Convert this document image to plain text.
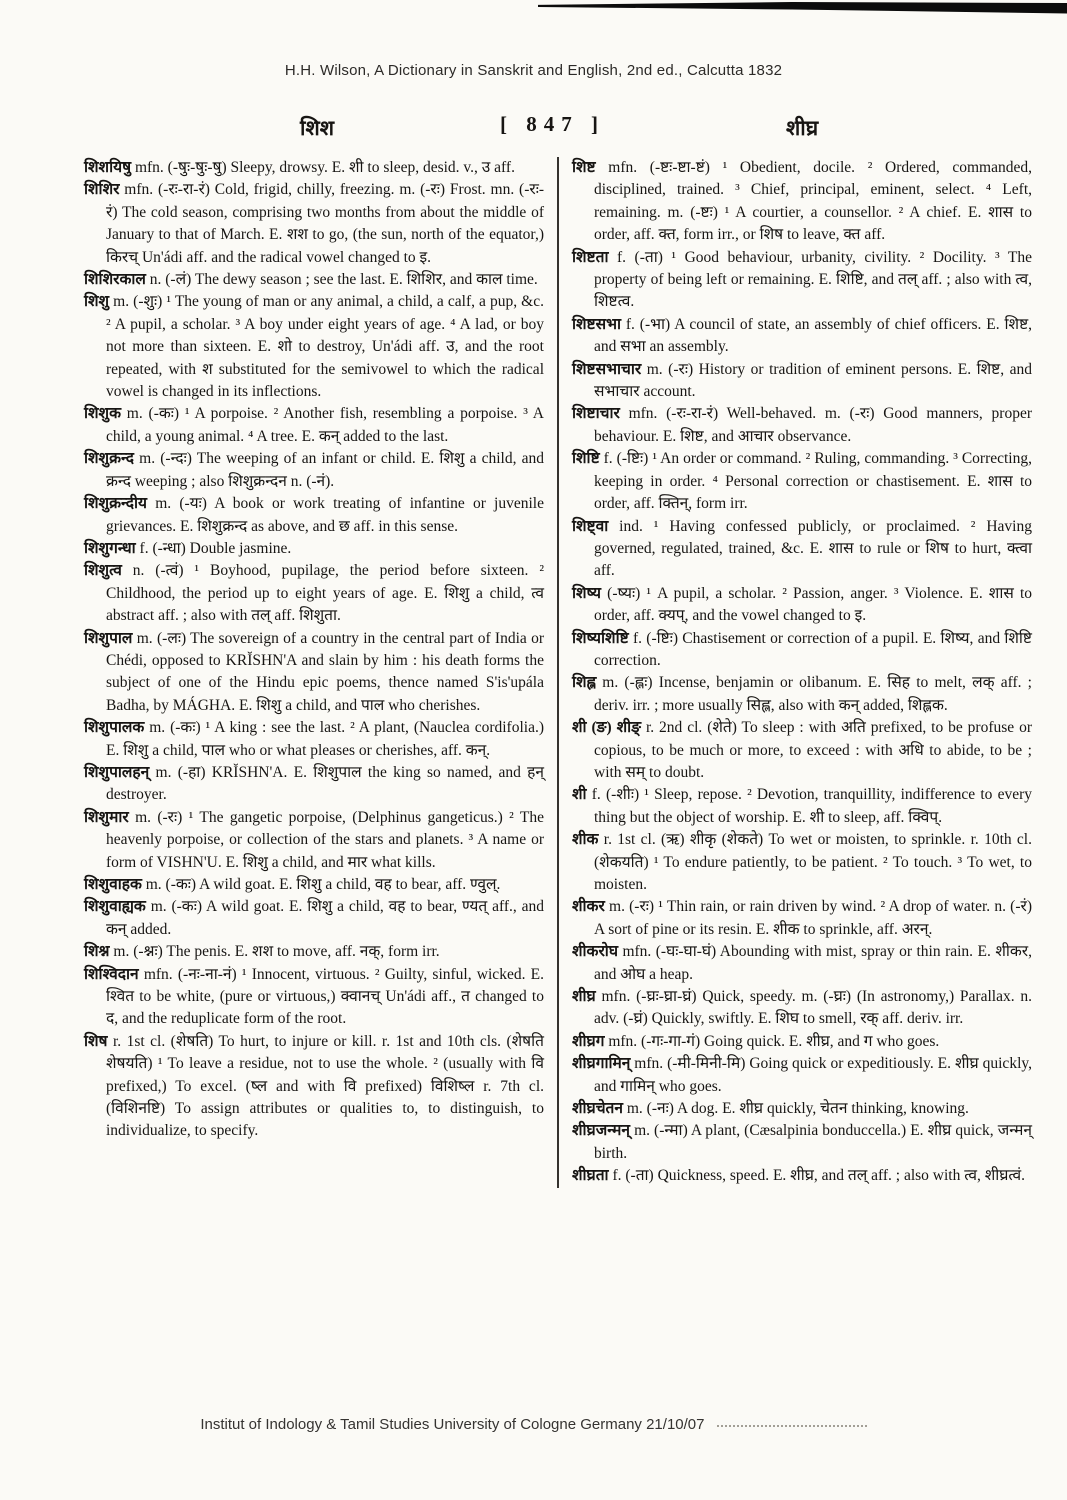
H.H. Wilson, A Dictionary in Sanskrit and English, 2nd ed., Calcutta 1832
शिश	[ 847 ]	शीघ्र

शिशयिषु mfn. (-षुः-षुः-षु) Sleepy, drowsy. E. शी to sleep, desid. v., उ aff.

शिशिर mfn. (-रः-रा-रं) Cold, frigid, chilly, freezing. m. (-रः) Frost. mn. (-रः-रं) The cold season, comprising two months from about the middle of January to that of March. E. शश to go, (the sun, north of the equator,) किरच् Un'ádi aff. and the radical vowel changed to इ.

शिशिरकाल n. (-लं) The dewy season ; see the last. E. शिशिर, and काल time.

शिशु m. (-शुः) ¹ The young of man or any animal, a child, a calf, a pup, &c. ² A pupil, a scholar. ³ A boy under eight years of age. ⁴ A lad, or boy not more than sixteen. E. शो to destroy, Un'ádi aff. उ, and the root repeated, with श substituted for the semivowel to which the radical vowel is changed in its inflections.

शिशुक m. (-कः) ¹ A porpoise. ² Another fish, resembling a porpoise. ³ A child, a young animal. ⁴ A tree. E. कन् added to the last.

शिशुक्रन्द m. (-न्दः) The weeping of an infant or child. E. शिशु a child, and क्रन्द weeping ; also शिशुक्रन्दन n. (-नं).

शिशुक्रन्दीय m. (-यः) A book or work treating of infantine or juvenile grievances. E. शिशुक्रन्द as above, and छ aff. in this sense.

शिशुगन्धा f. (-न्धा) Double jasmine.

शिशुत्व n. (-त्वं) ¹ Boyhood, pupilage, the period before sixteen. ² Childhood, the period up to eight years of age. E. शिशु a child, त्व abstract aff. ; also with तल् aff. शिशुता.

शिशुपाल m. (-लः) The sovereign of a country in the central part of India or Chédi, opposed to KRĬSHN'A and slain by him : his death forms the subject of one of the Hindu epic poems, thence named S'is'upála Badha, by MÁGHA. E. शिशु a child, and पाल who cherishes.

शिशुपालक m. (-कः) ¹ A king : see the last. ² A plant, (Nauclea cordifolia.) E. शिशु a child, पाल who or what pleases or cherishes, aff. कन्.

शिशुपालहन् m. (-हा) KRĬSHN'A. E. शिशुपाल the king so named, and हन् destroyer.

शिशुमार m. (-रः) ¹ The gangetic porpoise, (Delphinus gangeticus.) ² The heavenly porpoise, or collection of the stars and planets. ³ A name or form of VISHN'U. E. शिशु a child, and मार what kills.

शिशुवाहक m. (-कः) A wild goat. E. शिशु a child, वह to bear, aff. ण्वुल्.

शिशुवाह्यक m. (-कः) A wild goat. E. शिशु a child, वह to bear, ण्यत् aff., and कन् added.

शिश्न m. (-श्नः) The penis. E. शश to move, aff. नक्, form irr.

शिश्विदान mfn. (-नः-ना-नं) ¹ Innocent, virtuous. ² Guilty, sinful, wicked. E. श्वित to be white, (pure or virtuous,) क्वानच् Un'ádi aff., त changed to द, and the reduplicate form of the root.

शिष r. 1st cl. (शेषति) To hurt, to injure or kill. r. 1st and 10th cls. (शेषति शेषयति) ¹ To leave a residue, not to use the whole. ² (usually with वि prefixed,) To excel. (ष्ल and with वि prefixed) विशिष्ल r. 7th cl. (विशिनष्टि) To assign attributes or qualities to, to distinguish, to individualize, to specify.

शिष्ट mfn. (-ष्टः-ष्टा-ष्टं) ¹ Obedient, docile. ² Ordered, commanded, disciplined, trained. ³ Chief, principal, eminent, select. ⁴ Left, remaining. m. (-ष्टः) ¹ A courtier, a counsellor. ² A chief. E. शास to order, aff. क्त, form irr., or शिष to leave, क्त aff.

शिष्टता f. (-ता) ¹ Good behaviour, urbanity, civility. ² Docility. ³ The property of being left or remaining. E. शिष्टि, and तल् aff. ; also with त्व, शिष्टत्व.

शिष्टसभा f. (-भा) A council of state, an assembly of chief officers. E. शिष्ट, and सभा an assembly.

शिष्टसभाचार m. (-रः) History or tradition of eminent persons. E. शिष्ट, and सभाचार account.

शिष्टाचार mfn. (-रः-रा-रं) Well-behaved. m. (-रः) Good manners, proper behaviour. E. शिष्ट, and आचार observance.

शिष्टि f. (-ष्टिः) ¹ An order or command. ² Ruling, commanding. ³ Correcting, keeping in order. ⁴ Personal correction or chastisement. E. शास to order, aff. क्तिन्, form irr.

शिष्ट्वा ind. ¹ Having confessed publicly, or proclaimed. ² Having governed, regulated, trained, &c. E. शास to rule or शिष to hurt, क्त्वा aff.

शिष्य (-ष्यः) ¹ A pupil, a scholar. ² Passion, anger. ³ Violence. E. शास to order, aff. क्यप्, and the vowel changed to इ.

शिष्यशिष्टि f. (-ष्टिः) Chastisement or correction of a pupil. E. शिष्य, and शिष्टि correction.

शिह्ल m. (-ह्लः) Incense, benjamin or olibanum. E. सिह to melt, लक् aff. ; deriv. irr. ; more usually सिह्ल, also with कन् added, शिह्लक.

शी (ङ) शीङ् r. 2nd cl. (शेते) To sleep : with अति prefixed, to be profuse or copious, to be much or more, to exceed : with अधि to abide, to be ; with सम् to doubt.

शी f. (-शीः) ¹ Sleep, repose. ² Devotion, tranquillity, indifference to every thing but the object of worship. E. शी to sleep, aff. क्विप्.

शीक r. 1st cl. (ऋ) शीकृ (शेकते) To wet or moisten, to sprinkle. r. 10th cl. (शेकयति) ¹ To endure patiently, to be patient. ² To touch. ³ To wet, to moisten.

शीकर m. (-रः) ¹ Thin rain, or rain driven by wind. ² A drop of water. n. (-रं) A sort of pine or its resin. E. शीक to sprinkle, aff. अरन्.

शीकरोघ mfn. (-घः-घा-घं) Abounding with mist, spray or thin rain. E. शीकर, and ओघ a heap.

शीघ्र mfn. (-घ्रः-घ्रा-घ्रं) Quick, speedy. m. (-घ्रः) (In astronomy,) Parallax. n. adv. (-घ्रं) Quickly, swiftly. E. शिघ to smell, रक् aff. deriv. irr.

शीघ्रग mfn. (-गः-गा-गं) Going quick. E. शीघ्र, and ग who goes.

शीघ्रगामिन् mfn. (-मी-मिनी-मि) Going quick or expeditiously. E. शीघ्र quickly, and गामिन् who goes.

शीघ्रचेतन m. (-नः) A dog. E. शीघ्र quickly, चेतन thinking, knowing.

शीघ्रजन्मन् m. (-न्मा) A plant, (Cæsalpinia bonduccella.) E. शीघ्र quick, जन्मन् birth.

शीघ्रता f. (-ता) Quickness, speed. E. शीघ्र, and तल् aff. ; also with त्व, शीघ्रत्वं.

Institut of Indology & Tamil Studies University of Cologne Germany 21/10/07
